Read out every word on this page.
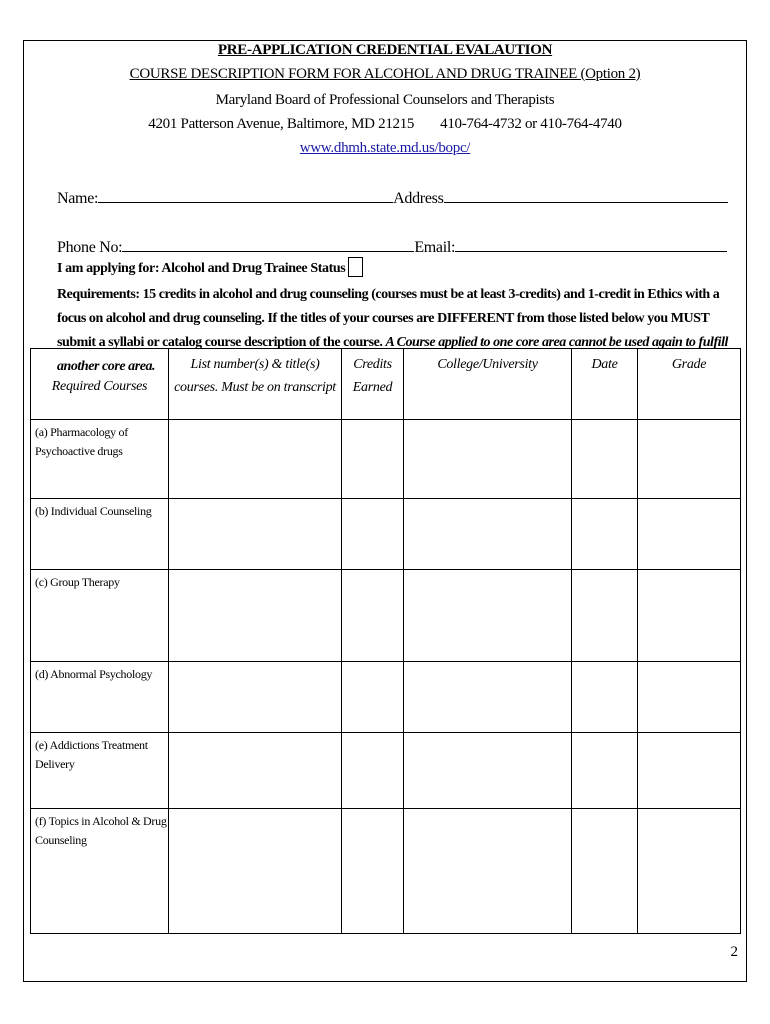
PRE-APPLICATION CREDENTIAL EVALAUTION
COURSE DESCRIPTION FORM FOR ALCOHOL AND DRUG TRAINEE (Option 2)
Maryland Board of Professional Counselors and Therapists
4201 Patterson Avenue, Baltimore, MD 21215 410-764-4732 or 410-764-4740
www.dhmh.state.md.us/bopc/
Name:	Address
Phone No:	Email:
I am applying for: Alcohol and Drug Trainee Status
Requirements: 15 credits in alcohol and drug counseling (courses must be at least 3-credits) and 1-credit in Ethics with a focus on alcohol and drug counseling. If the titles of your courses are DIFFERENT from those listed below you MUST submit a syllabi or catalog course description of the course. A Course applied to one core area cannot be used again to fulfill another core area.
Required Courses	List number(s) & title(s) courses. Must be on transcript	Credits Earned	College/University	Date	Grade

(a) Pharmacology of Psychoactive drugs					
(b) Individual Counseling					
(c) Group Therapy					
(d) Abnormal Psychology					
(e) Addictions Treatment Delivery					
(f) Topics in Alcohol & Drug Counseling					
2
